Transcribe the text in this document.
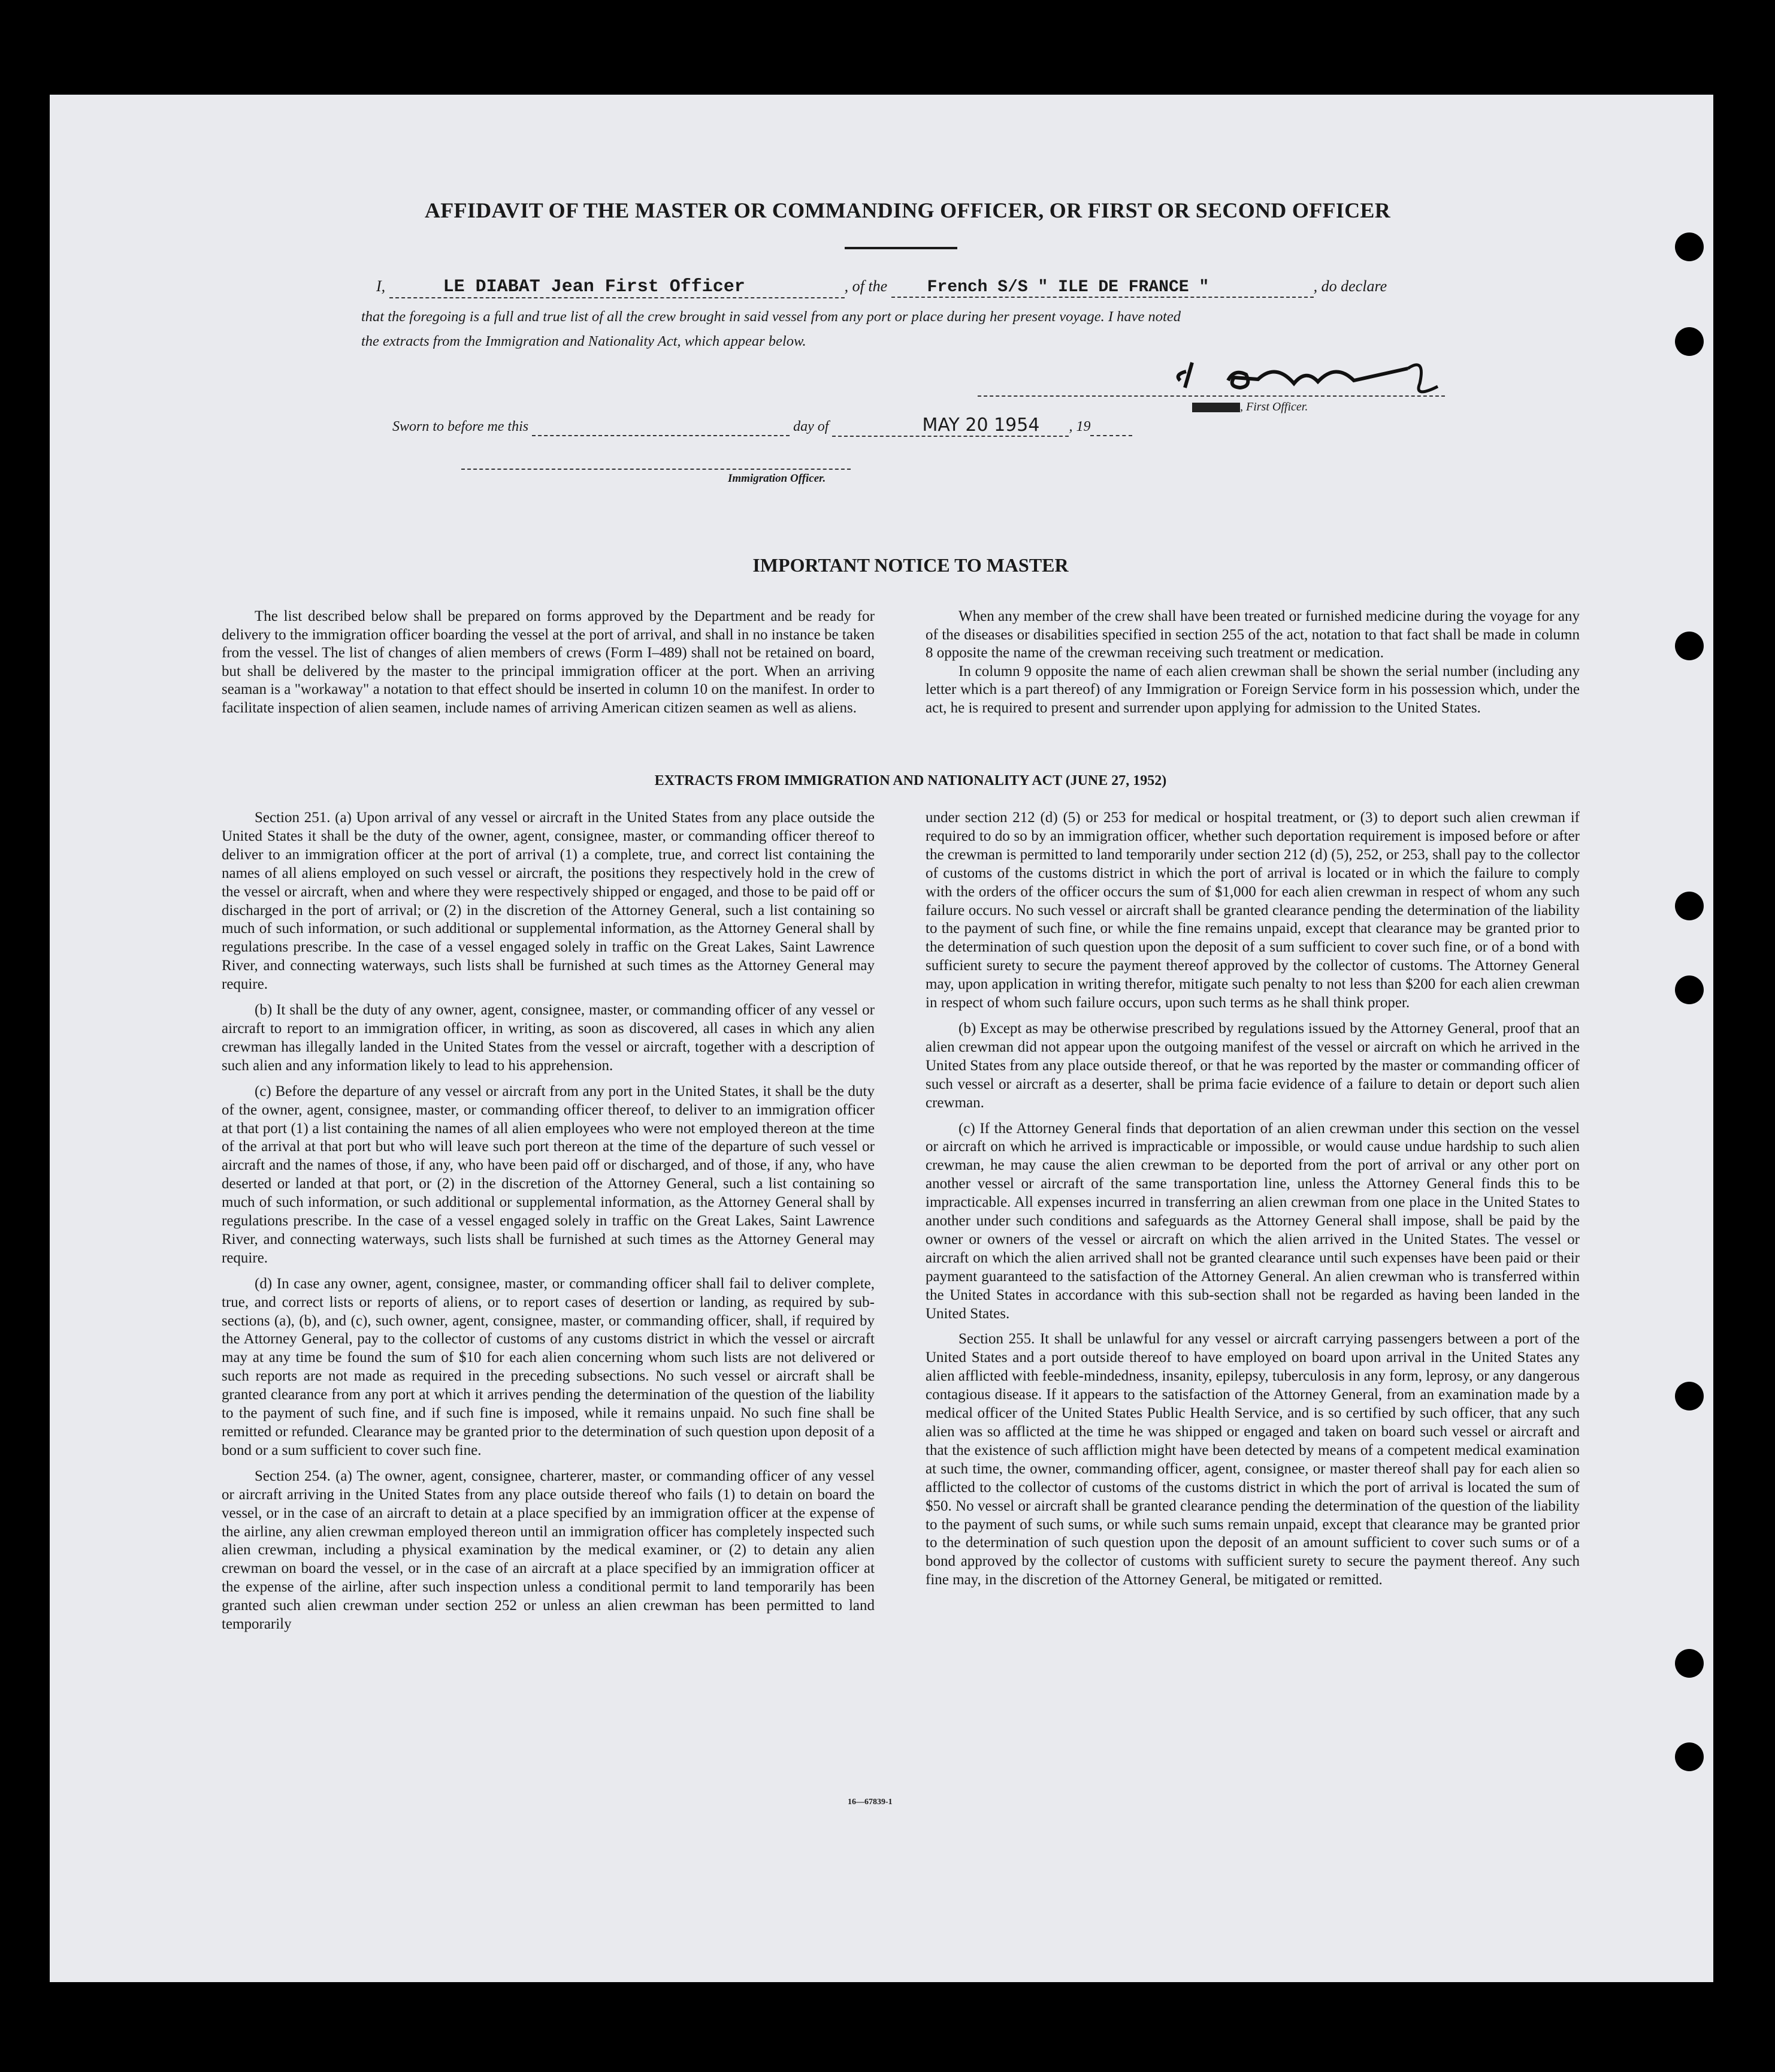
AFFIDAVIT OF THE MASTER OR COMMANDING OFFICER, OR FIRST OR SECOND OFFICER
I,	LE DIABAT Jean First Officer	, of the French S/S " ILE DE FRANCE "	, do declare
that the foregoing is a full and true list of all the crew brought in said vessel from any port or place during her present voyage. I have noted
the extracts from the Immigration and Nationality Act, which appear below.
, First Officer.
Sworn to before me this	day of	MAY 20 1954 , 19
Immigration Officer.
IMPORTANT NOTICE TO MASTER

The list described below shall be prepared on forms approved by the Department and be ready for delivery to the immigration officer boarding the vessel at the port of arrival, and shall in no instance be taken from the vessel. The list of changes of alien members of crews (Form I–489) shall not be retained on board, but shall be delivered by the master to the principal immigration officer at the port. When an arriving seaman is a "workaway" a notation to that effect should be inserted in column 10 on the manifest. In order to facilitate inspection of alien seamen, include names of arriving American citizen seamen as well as aliens.

When any member of the crew shall have been treated or furnished medicine during the voyage for any of the diseases or disabilities specified in section 255 of the act, notation to that fact shall be made in column 8 opposite the name of the crewman receiving such treatment or medication.

In column 9 opposite the name of each alien crewman shall be shown the serial number (including any letter which is a part thereof) of any Immigration or Foreign Service form in his possession which, under the act, he is required to present and surrender upon applying for admission to the United States.

EXTRACTS FROM IMMIGRATION AND NATIONALITY ACT (JUNE 27, 1952)

Section 251. (a) Upon arrival of any vessel or aircraft in the United States from any place outside the United States it shall be the duty of the owner, agent, consignee, master, or commanding officer thereof to deliver to an immigration officer at the port of arrival (1) a complete, true, and correct list containing the names of all aliens employed on such vessel or aircraft, the positions they respectively hold in the crew of the vessel or aircraft, when and where they were respectively shipped or engaged, and those to be paid off or discharged in the port of arrival; or (2) in the discretion of the Attorney General, such a list containing so much of such information, or such additional or supplemental information, as the Attorney General shall by regulations prescribe. In the case of a vessel engaged solely in traffic on the Great Lakes, Saint Lawrence River, and connecting waterways, such lists shall be furnished at such times as the Attorney General may require.

(b) It shall be the duty of any owner, agent, consignee, master, or commanding officer of any vessel or aircraft to report to an immigration officer, in writing, as soon as discovered, all cases in which any alien crewman has illegally landed in the United States from the vessel or aircraft, together with a description of such alien and any information likely to lead to his apprehension.

(c) Before the departure of any vessel or aircraft from any port in the United States, it shall be the duty of the owner, agent, consignee, master, or commanding officer thereof, to deliver to an immigration officer at that port (1) a list containing the names of all alien employees who were not employed thereon at the time of the arrival at that port but who will leave such port thereon at the time of the departure of such vessel or aircraft and the names of those, if any, who have been paid off or discharged, and of those, if any, who have deserted or landed at that port, or (2) in the discretion of the Attorney General, such a list containing so much of such information, or such additional or supplemental information, as the Attorney General shall by regulations prescribe. In the case of a vessel engaged solely in traffic on the Great Lakes, Saint Lawrence River, and connecting waterways, such lists shall be furnished at such times as the Attorney General may require.

(d) In case any owner, agent, consignee, master, or commanding officer shall fail to deliver complete, true, and correct lists or reports of aliens, or to report cases of desertion or landing, as required by sub-sections (a), (b), and (c), such owner, agent, consignee, master, or commanding officer, shall, if required by the Attorney General, pay to the collector of customs of any customs district in which the vessel or aircraft may at any time be found the sum of $10 for each alien concerning whom such lists are not delivered or such reports are not made as required in the preceding subsections. No such vessel or aircraft shall be granted clearance from any port at which it arrives pending the determination of the question of the liability to the payment of such fine, and if such fine is imposed, while it remains unpaid. No such fine shall be remitted or refunded. Clearance may be granted prior to the determination of such question upon deposit of a bond or a sum sufficient to cover such fine.

Section 254. (a) The owner, agent, consignee, charterer, master, or commanding officer of any vessel or aircraft arriving in the United States from any place outside thereof who fails (1) to detain on board the vessel, or in the case of an aircraft to detain at a place specified by an immigration officer at the expense of the airline, any alien crewman employed thereon until an immigration officer has completely inspected such alien crewman, including a physical examination by the medical examiner, or (2) to detain any alien crewman on board the vessel, or in the case of an aircraft at a place specified by an immigration officer at the expense of the airline, after such inspection unless a conditional permit to land temporarily has been granted such alien crewman under section 252 or unless an alien crewman has been permitted to land temporarily

under section 212 (d) (5) or 253 for medical or hospital treatment, or (3) to deport such alien crewman if required to do so by an immigration officer, whether such deportation requirement is imposed before or after the crewman is permitted to land temporarily under section 212 (d) (5), 252, or 253, shall pay to the collector of customs of the customs district in which the port of arrival is located or in which the failure to comply with the orders of the officer occurs the sum of $1,000 for each alien crewman in respect of whom any such failure occurs. No such vessel or aircraft shall be granted clearance pending the determination of the liability to the payment of such fine, or while the fine remains unpaid, except that clearance may be granted prior to the determination of such question upon the deposit of a sum sufficient to cover such fine, or of a bond with sufficient surety to secure the payment thereof approved by the collector of customs. The Attorney General may, upon application in writing therefor, mitigate such penalty to not less than $200 for each alien crewman in respect of whom such failure occurs, upon such terms as he shall think proper.

(b) Except as may be otherwise prescribed by regulations issued by the Attorney General, proof that an alien crewman did not appear upon the outgoing manifest of the vessel or aircraft on which he arrived in the United States from any place outside thereof, or that he was reported by the master or commanding officer of such vessel or aircraft as a deserter, shall be prima facie evidence of a failure to detain or deport such alien crewman.

(c) If the Attorney General finds that deportation of an alien crewman under this section on the vessel or aircraft on which he arrived is impracticable or impossible, or would cause undue hardship to such alien crewman, he may cause the alien crewman to be deported from the port of arrival or any other port on another vessel or aircraft of the same transportation line, unless the Attorney General finds this to be impracticable. All expenses incurred in transferring an alien crewman from one place in the United States to another under such conditions and safeguards as the Attorney General shall impose, shall be paid by the owner or owners of the vessel or aircraft on which the alien arrived in the United States. The vessel or aircraft on which the alien arrived shall not be granted clearance until such expenses have been paid or their payment guaranteed to the satisfaction of the Attorney General. An alien crewman who is transferred within the United States in accordance with this sub-section shall not be regarded as having been landed in the United States.

Section 255. It shall be unlawful for any vessel or aircraft carrying passengers between a port of the United States and a port outside thereof to have employed on board upon arrival in the United States any alien afflicted with feeble-mindedness, insanity, epilepsy, tuberculosis in any form, leprosy, or any dangerous contagious disease. If it appears to the satisfaction of the Attorney General, from an examination made by a medical officer of the United States Public Health Service, and is so certified by such officer, that any such alien was so afflicted at the time he was shipped or engaged and taken on board such vessel or aircraft and that the existence of such affliction might have been detected by means of a competent medical examination at such time, the owner, commanding officer, agent, consignee, or master thereof shall pay for each alien so afflicted to the collector of customs of the customs district in which the port of arrival is located the sum of $50. No vessel or aircraft shall be granted clearance pending the determination of the question of the liability to the payment of such sums, or while such sums remain unpaid, except that clearance may be granted prior to the determination of such question upon the deposit of an amount sufficient to cover such sums or of a bond approved by the collector of customs with sufficient surety to secure the payment thereof. Any such fine may, in the discretion of the Attorney General, be mitigated or remitted.

16—67839-1
